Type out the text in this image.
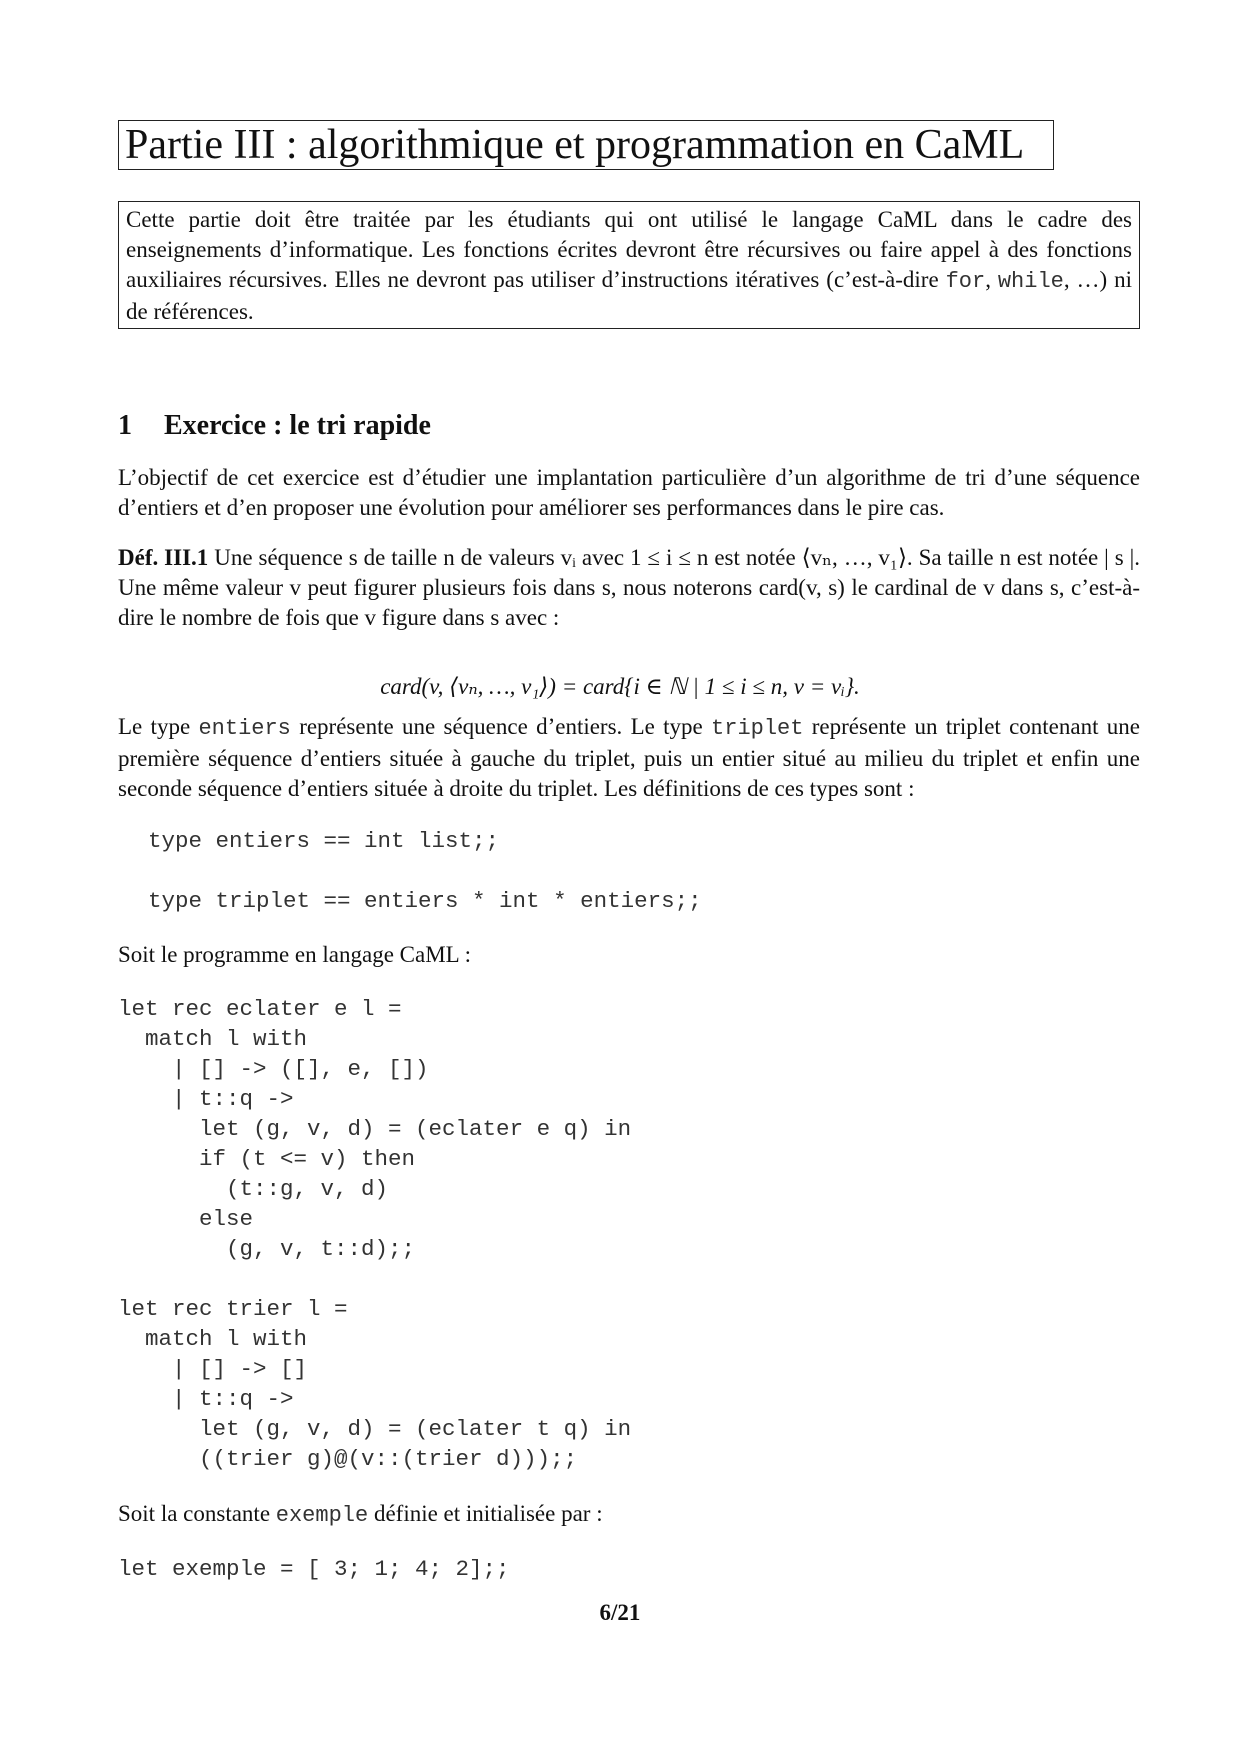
Partie III : algorithmique et programmation en CaML
Cette partie doit être traitée par les étudiants qui ont utilisé le langage CaML dans le cadre des enseignements d’informatique. Les fonctions écrites devront être récursives ou faire appel à des fonctions auxiliaires récursives. Elles ne devront pas utiliser d’instructions itératives (c’est-à-dire for, while, …) ni de références.
1 Exercice : le tri rapide
L’objectif de cet exercice est d’étudier une implantation particulière d’un algorithme de tri d’une séquence d’entiers et d’en proposer une évolution pour améliorer ses performances dans le pire cas.
Déf. III.1 Une séquence s de taille n de valeurs vᵢ avec 1 ≤ i ≤ n est notée ⟨vₙ, …, v₁⟩. Sa taille n est notée | s |. Une même valeur v peut figurer plusieurs fois dans s, nous noterons card(v, s) le cardinal de v dans s, c’est-à-dire le nombre de fois que v figure dans s avec :
card(v, ⟨vₙ, …, v₁⟩) = card{i ∈ ℕ | 1 ≤ i ≤ n, v = vᵢ}.
Le type entiers représente une séquence d’entiers. Le type triplet représente un triplet contenant une première séquence d’entiers située à gauche du triplet, puis un entier situé au milieu du triplet et enfin une seconde séquence d’entiers située à droite du triplet. Les définitions de ces types sont :
type entiers == int list;;
type triplet == entiers * int * entiers;;
Soit le programme en langage CaML :
let rec eclater e l =
match l with
| [] -> ([], e, [])
| t::q ->
let (g, v, d) = (eclater e q) in
if (t <= v) then
(t::g, v, d)
else
(g, v, t::d);;
let rec trier l =
match l with
| [] -> []
| t::q ->
let (g, v, d) = (eclater t q) in
((trier g)@(v::(trier d)));;
Soit la constante exemple définie et initialisée par :
let exemple = [ 3; 1; 4; 2];;
6/21
